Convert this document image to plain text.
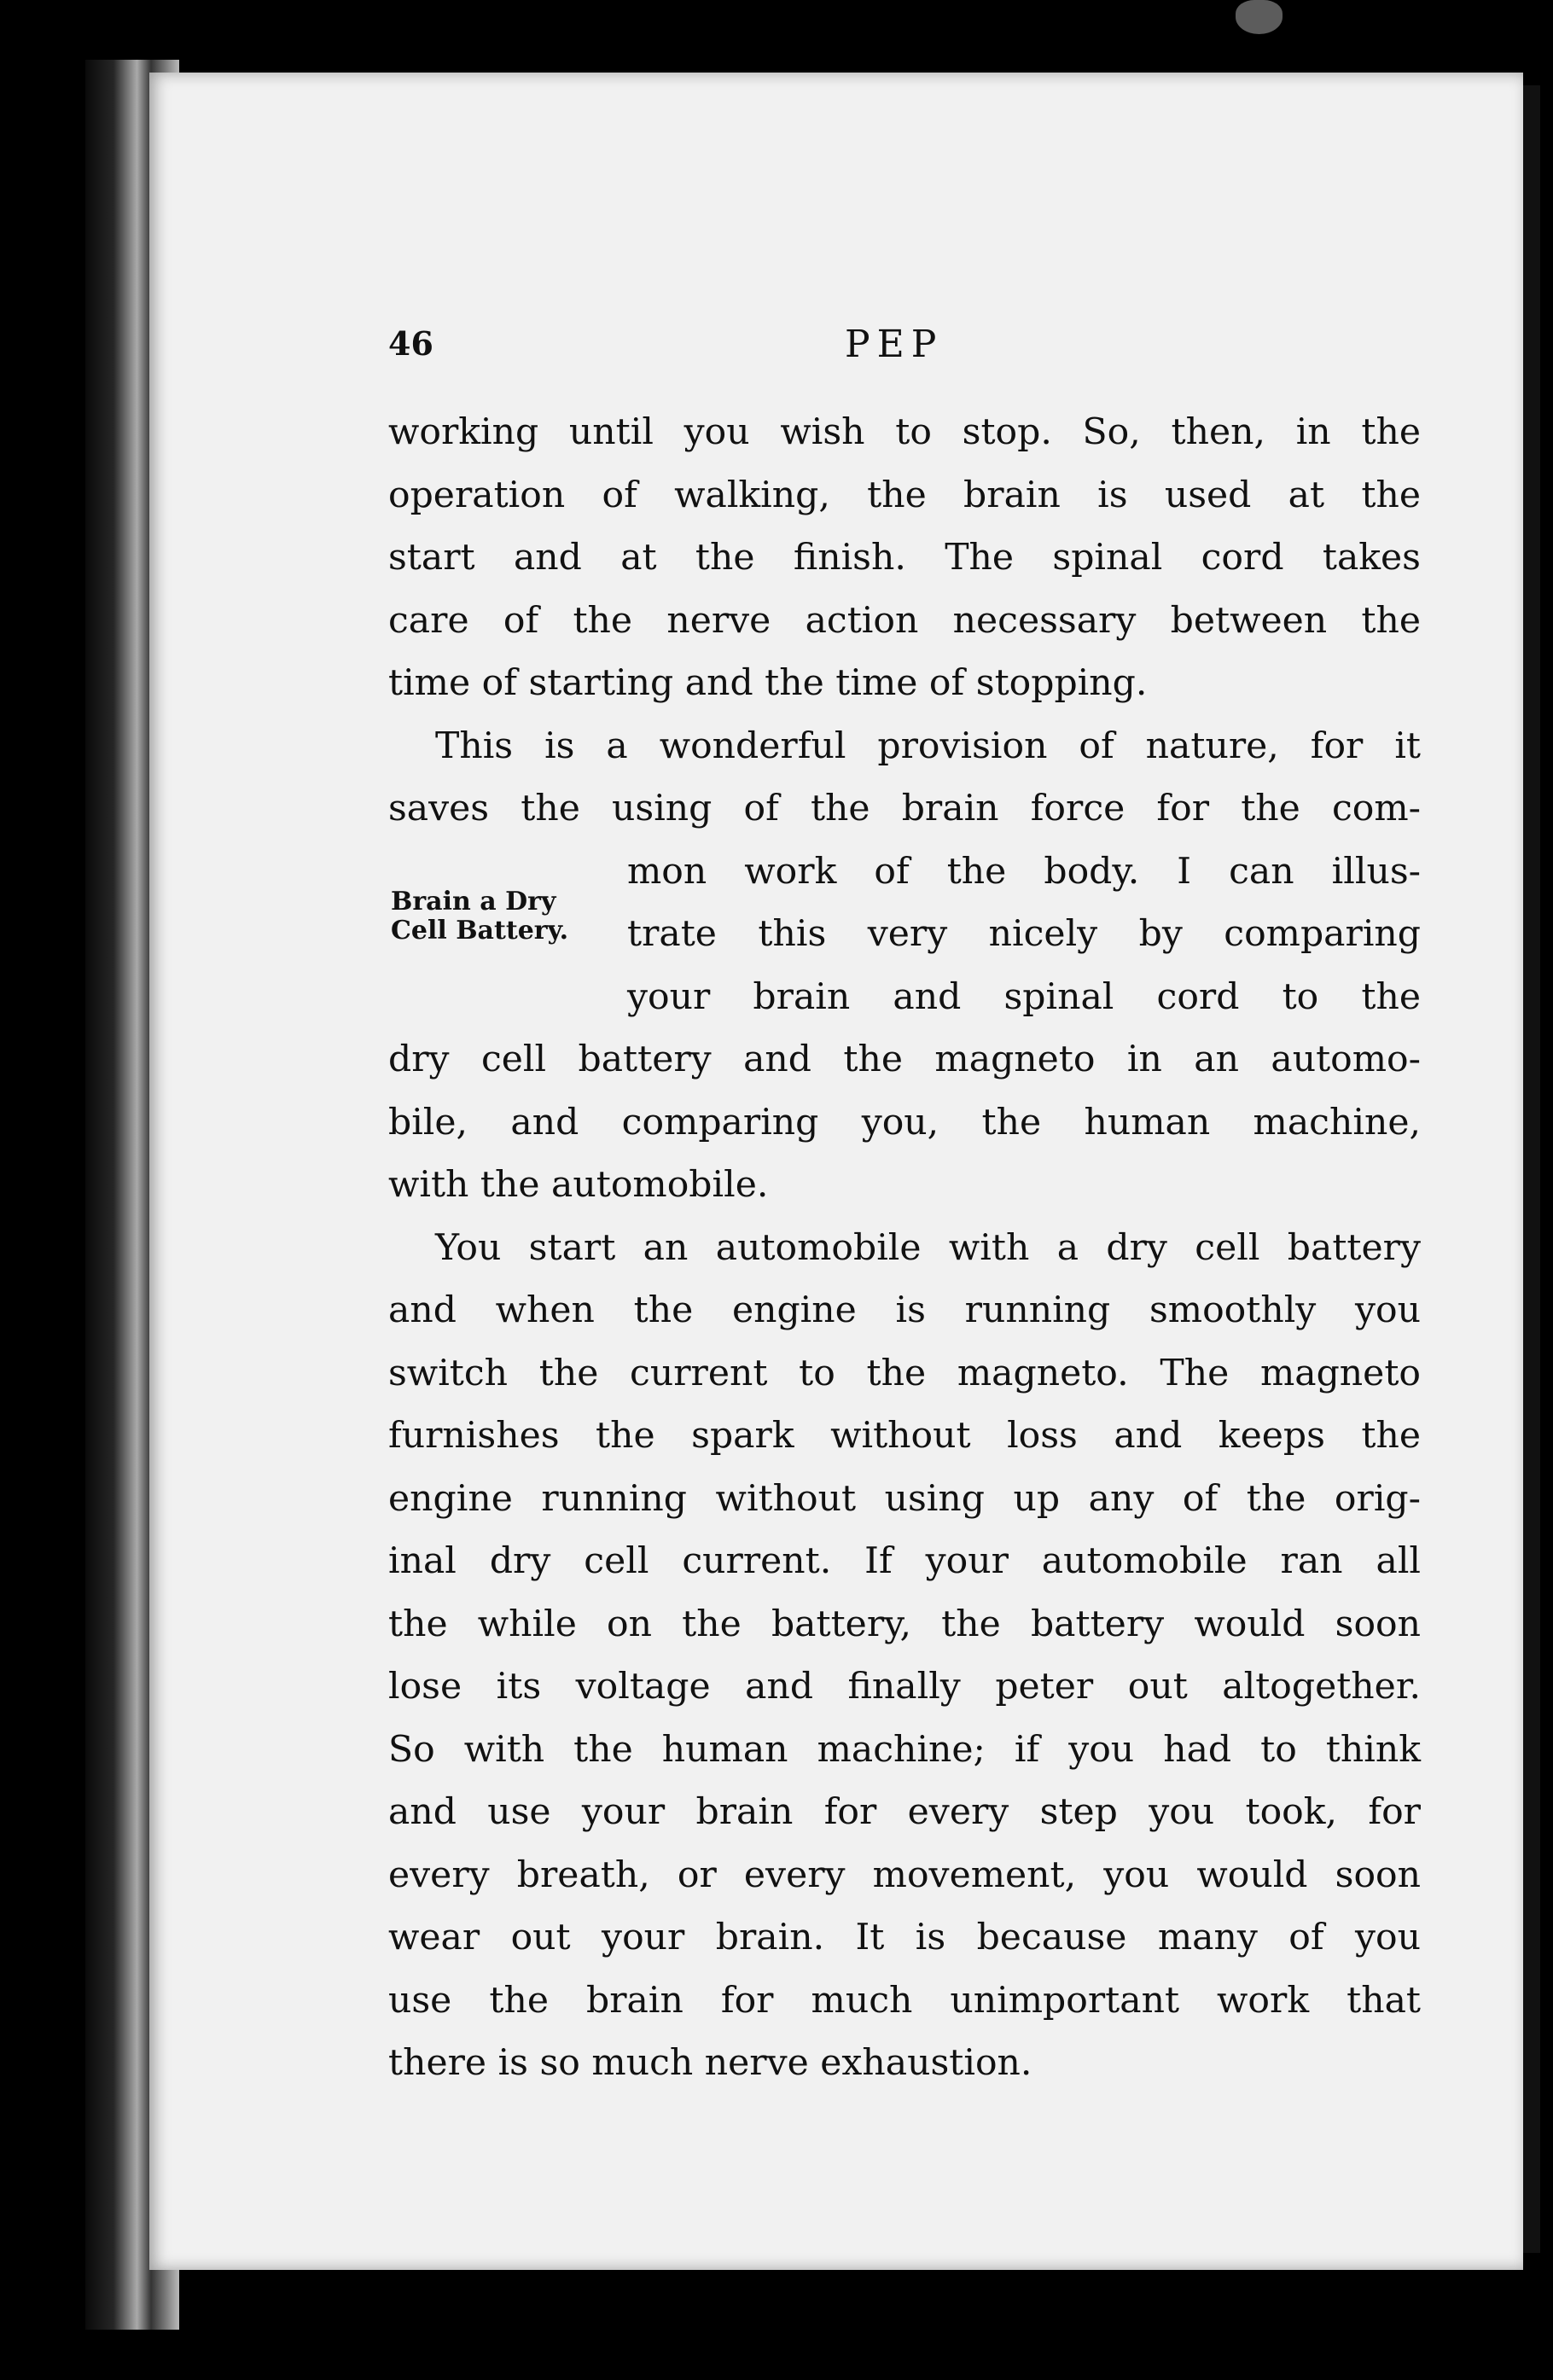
46	PEP
Brain a Dry
Cell Battery.

working until you wish to stop. So, then, in the
operation of walking, the brain is used at the
start and at the finish. The spinal cord takes
care of the nerve action necessary between the
time of starting and the time of stopping.

This is a wonderful provision of nature, for it
saves the using of the brain force for the com-
mon work of the body. I can illus-
trate this very nicely by comparing
your brain and spinal cord to the
dry cell battery and the magneto in an automo-
bile, and comparing you, the human machine,
with the automobile.

You start an automobile with a dry cell battery
and when the engine is running smoothly you
switch the current to the magneto. The magneto
furnishes the spark without loss and keeps the
engine running without using up any of the orig-
inal dry cell current. If your automobile ran all
the while on the battery, the battery would soon
lose its voltage and finally peter out altogether.
So with the human machine; if you had to think
and use your brain for every step you took, for
every breath, or every movement, you would soon
wear out your brain. It is because many of you
use the brain for much unimportant work that
there is so much nerve exhaustion.
